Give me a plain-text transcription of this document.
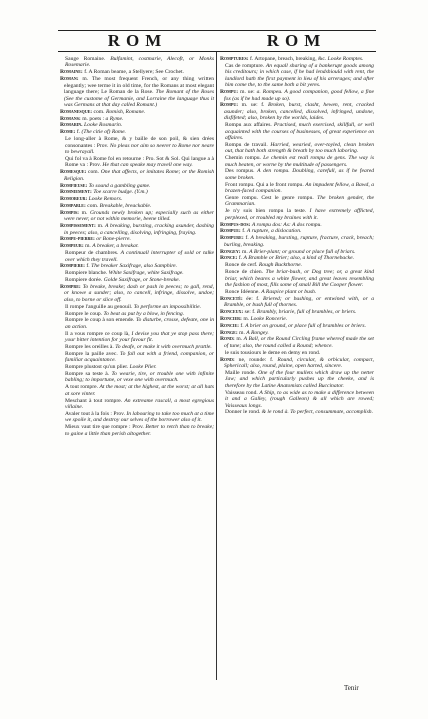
ROM	ROM

Sauge Romaine. Bulfamint, costmarie, Alecoft, or Monks Rosemarie.

Romaine: f. A Roman beame, a Stellyere; See Crochet.

Roman: m. The most frequent French, or any thing written elegantly; wee terme it in old time, for the Romans at most elegant language there; Le Roman de la Rose. The Romant of the Roses (See the custome of Germanie, and Lorraine the language thus it was Germans at that day called Romant.)

Romanesque: com. Romish, Romane.

Romans: m. poets : a Ryme.

Romarin. Looke Rosmarin.

Rome: f. (The citie of) Rome.

Le long-aller à Rome, & y baille de son poil, & sien drées consonantes : Prov. No pleas nor aim so neerer to Rome nor neare to bewrayall.

Qui fol va à Rome fol en retourne : Pro. Sot & Sol. Qui langue a à Rome va : Prov. He that can speake may travell one way.

Romesque: com. One that affects, or imitates Rome; or the Romish Religion.

Romfieuse: To sound a gambling game.

Romniement: Toe scarre budge. (Y.m.)

Romoreur: Looke Remors.

Rompable: com. Breakable, breackable.

Rompis: m. Grounds newly broken up; especially such as either were never, or not within memorie, beene tilled.

Rompissement: m. A breaking, bursting, cracking asunder, dashing in peeces; also, a cancelling, disolving, infringing, fraying.

Rompe-pierre: or Bone-pierre.

Rompeur: m. A breaker, a breakar.

Rompeur de chambres. A continuall interrupter of sold or talke over which they travell.

Rompiere: f. The breaker Saxifrage, also Samphire.

Rompiere blanche. White Saxifrage, white Saxifrage.

Rompiere dorée. Golde Saxifrage, or Stone-breake.

Rompre: To breake, breake; dash or pash in peeces; to gall, rend, or knowe a sunder; also, to cancell, infringe, dissolve, undoe; also, to borne or slice off.

Il rompe l'anguille au genouil. To performe an impossibilitie.

Rompre le coup. To beat as put by a blow, in fencing.

Rompre le coup à son emende. To disturbe, crosse, defeate, one in an action.

Il a vous rompre ce coup là, I devise you that ye stop pass there; your bitter intention for your favour fit.

Rompre les oreilles à. To deafe, or make it with overmuch prattle.

Rompre la paille avec. To fall out with a friend, companion, or familiar acquaintance.

Rompre plustost qu'un plier. Looke Plier.

Rompre sa teste à. To wearie, tire, or trouble one with infinite babling; to importune, or vexe one with overmuch.

A tout rompre. At the most; at the highest, at the worst; at all hats at sore vinter.

Meschant à tout rompre. An extreame rascall, a most egregious villaine.

Avaler tout à la fois : Prov. In labouring to take too much at a time we spoile it, and destroy our selves of the borrower also of it.

Mieux vaut tire que rompre : Prov. Better to retch than to breake; to gaine a little than perish altogether.

Romptures: f. Artopane, breach, breaking, &c. Looke Romptes.

Cas de rompture. An equall sharing of a bankerupt goods among his creditours; in which case, if he had lendshiould with rent, the landlord hath the first payment in lieu of his arrerages; and after him come the, to the same both a bit yeres.

Rompu: m. ue: a. Rompeu. A good companion, good fellow, a fine fox (as if he had made up so).

Rompu: m. ue: f. Broken, burst, clasht, hewen, rent, cracked asunder; also, broken, cancelled, dissolved, infringed, undone, disfifeted; also, broken by the worlds, laides.

Rompu aux affaires. Practised, much exercised, skillfull, or well acquainted with the courses of businesses, of great experience on affaires.

Rompu de travail. Harried, wearied, over-toyled, clean broken out, that hath both strength & breath by too much laboring.

Chemin rompu. Le chemin est reall rompu de gens. The way is much beaten, or worne by the multitude of passengers.

Des rompus. A den rompu. Doubling, carefull, as if he feared some broken.

Front rompu. Qui a le front rompu. An impudent fellow, a Bawd, a brazen-faced companion.

Genre rompu. Cest le genre rompu. The broken gender, the Grammarian.

Je n'y suis bien rompu la teste. I have extremely afflicted, perplexed, or troubled my braines with it.

Rompus-dos: A rompu dos: As: A dos rompu.

Rompue: f. A rupture, a dislocation.

Rompure: f. A breaking, bursting, rupture, fracture, crack, breach; burling, breaking.

Rongey: m. A Brier-plant; or ground or place full of briars.

Ronce: f. A Bramble or Brier; also, a kind of Thornebacke.

Ronce de cerf. Rough Buckthorne.

Ronce de chien. The briar-bush, or Dog tree; or, a great kind briar, which beares a white flower, and great leaves resembling the fashion of most, fills some of small Bill the Cooper flower.

Ronce Idéenne. A Raspice plant or bush.

Ronceté: ée: f. Briered; or bushing, or entwined with, or a Bramble, or bush full of thornes.

Ronceux: se: f. Brambly, briarie, full of brambles, or briers.

Roncier: m. Looke Roncerie.

Roncie: f. A brier on ground, or place full of brambles or briers.

Ronge: m. A Rongey.

Rond: m. A Ball, or the Round Circling frame whereof made the set of tune; also, the round called a Round; whence.

le suis tousiours le deme en demy en rond.

Rond: ne, rounde: f. Round, circular, & orbicular, compact, Sphericall; also, round, plaine, open harted, sincere.

Maille ronde. One of the four mullets which draw up the netter Jaw; and which particularly pushes up the cheeke, and is therefore by the Latine Anatomists called Buccinator.

Vaisseau rond. A Ship, to as wide as to make a difference between it and a Galley, (rough Galleon) & all which are rowed; Vaisseaux longs.

Donner le rond. & le rond à. To perfect, consummate, accomplish.

Tenir
